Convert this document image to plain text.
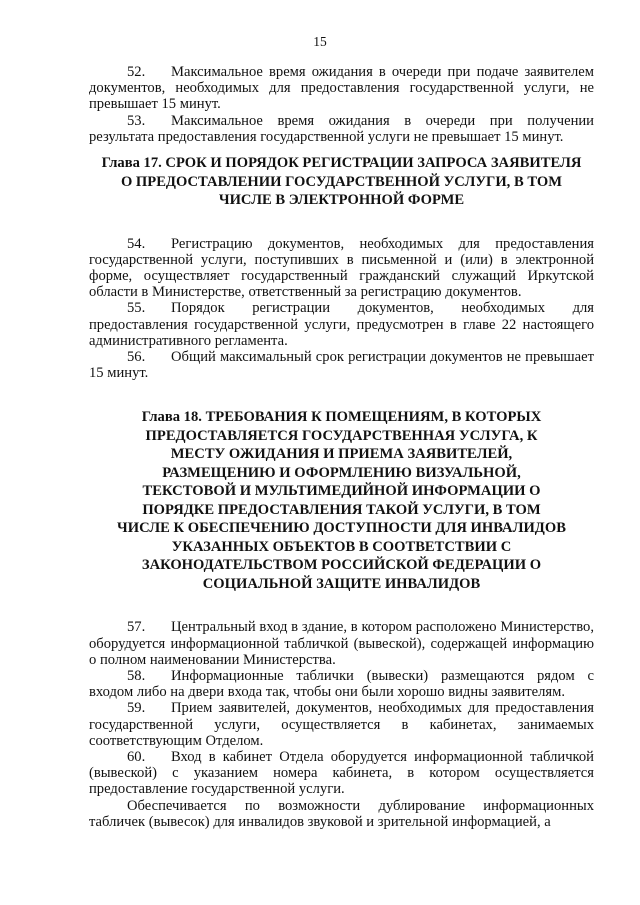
15

52. Максимальное время ожидания в очереди при подаче заявителем документов, необходимых для предоставления государственной услуги, не превышает 15 минут.

53. Максимальное время ожидания в очереди при получении результата предоставления государственной услуги не превышает 15 минут.

Глава 17. СРОК И ПОРЯДОК РЕГИСТРАЦИИ ЗАПРОСА ЗАЯВИТЕЛЯ О ПРЕДОСТАВЛЕНИИ ГОСУДАРСТВЕННОЙ УСЛУГИ, В ТОМ ЧИСЛЕ В ЭЛЕКТРОННОЙ ФОРМЕ

54. Регистрацию документов, необходимых для предоставления государственной услуги, поступивших в письменной и (или) в электронной форме, осуществляет государственный гражданский служащий Иркутской области в Министерстве, ответственный за регистрацию документов.

55. Порядок регистрации документов, необходимых для предоставления государственной услуги, предусмотрен в главе 22 настоящего административного регламента.

56. Общий максимальный срок регистрации документов не превышает 15 минут.

Глава 18. ТРЕБОВАНИЯ К ПОМЕЩЕНИЯМ, В КОТОРЫХ ПРЕДОСТАВЛЯЕТСЯ ГОСУДАРСТВЕННАЯ УСЛУГА, К МЕСТУ ОЖИДАНИЯ И ПРИЕМА ЗАЯВИТЕЛЕЙ, РАЗМЕЩЕНИЮ И ОФОРМЛЕНИЮ ВИЗУАЛЬНОЙ, ТЕКСТОВОЙ И МУЛЬТИМЕДИЙНОЙ ИНФОРМАЦИИ О ПОРЯДКЕ ПРЕДОСТАВЛЕНИЯ ТАКОЙ УСЛУГИ, В ТОМ ЧИСЛЕ К ОБЕСПЕЧЕНИЮ ДОСТУПНОСТИ ДЛЯ ИНВАЛИДОВ УКАЗАННЫХ ОБЪЕКТОВ В СООТВЕТСТВИИ С ЗАКОНОДАТЕЛЬСТВОМ РОССИЙСКОЙ ФЕДЕРАЦИИ О СОЦИАЛЬНОЙ ЗАЩИТЕ ИНВАЛИДОВ

57. Центральный вход в здание, в котором расположено Министерство, оборудуется информационной табличкой (вывеской), содержащей информацию о полном наименовании Министерства.

58. Информационные таблички (вывески) размещаются рядом с входом либо на двери входа так, чтобы они были хорошо видны заявителям.

59. Прием заявителей, документов, необходимых для предоставления государственной услуги, осуществляется в кабинетах, занимаемых соответствующим Отделом.

60. Вход в кабинет Отдела оборудуется информационной табличкой (вывеской) с указанием номера кабинета, в котором осуществляется предоставление государственной услуги.

Обеспечивается по возможности дублирование информационных табличек (вывесок) для инвалидов звуковой и зрительной информацией, а
